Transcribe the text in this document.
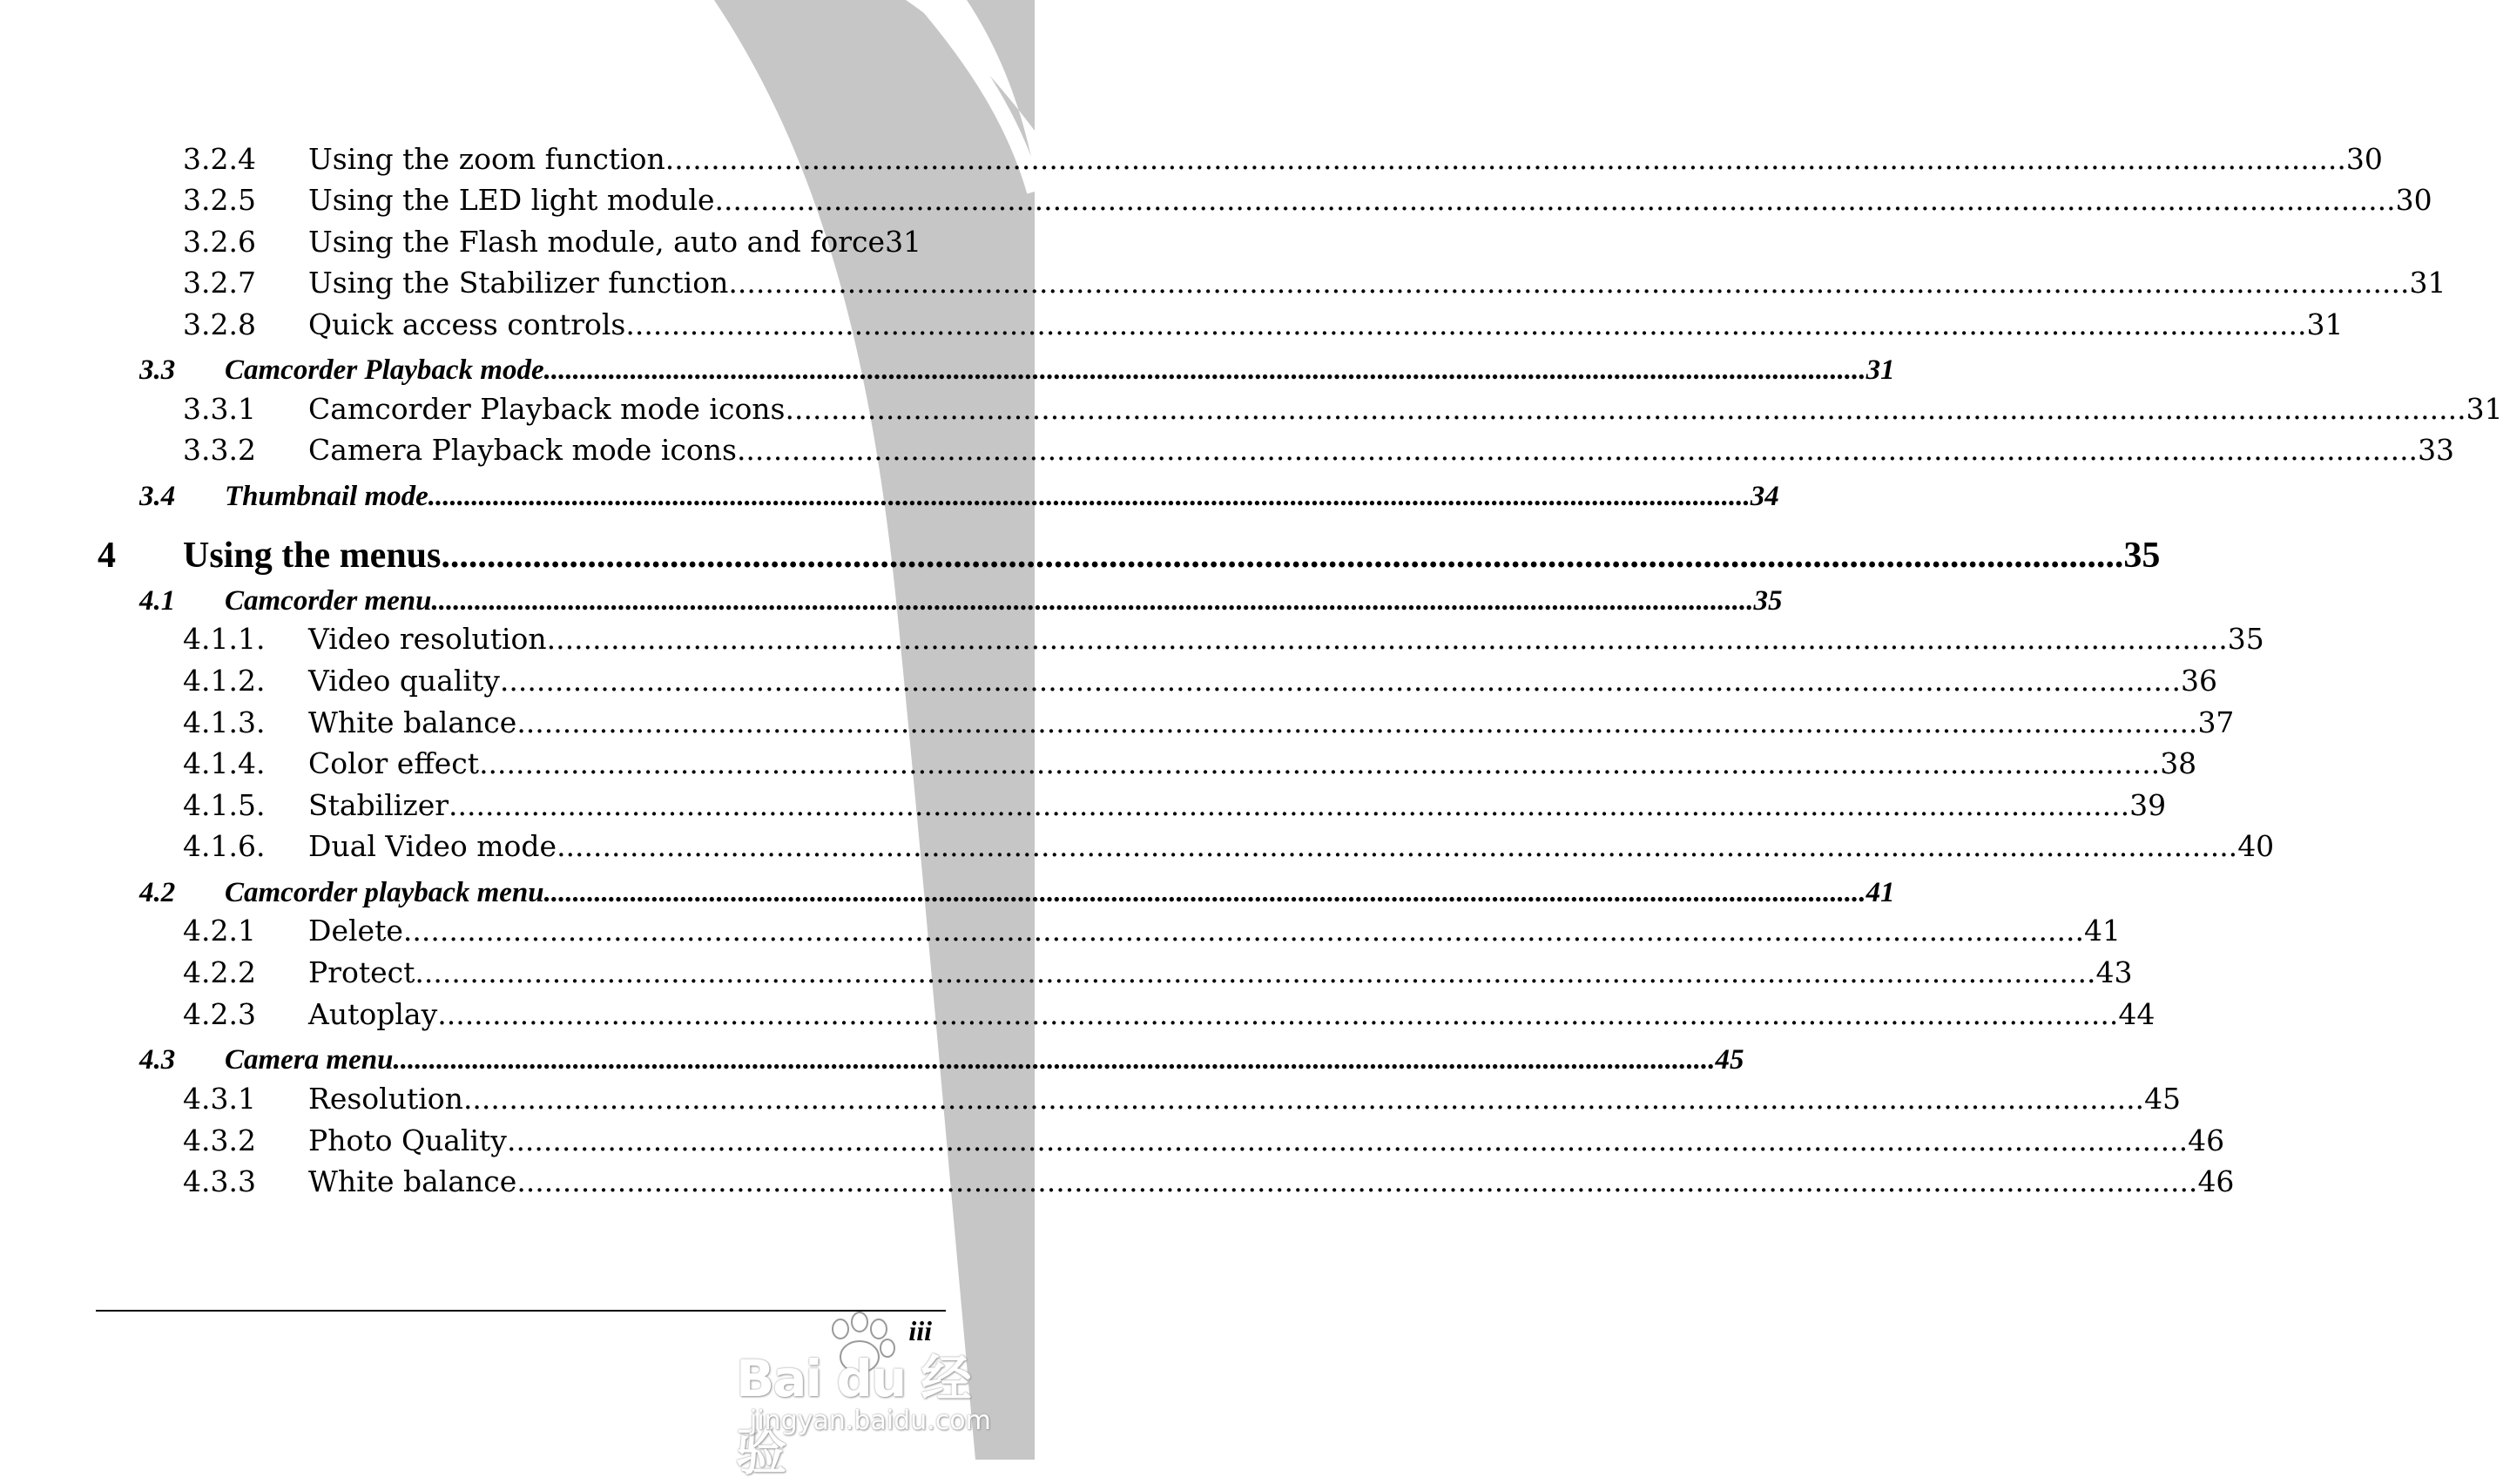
3.2.4 Using the zoom function .....	30
3.2.5 Using the LED light module .....	30
3.2.6 Using the Flash module, auto and force 31
3.2.7 Using the Stabilizer function .....	31
3.2.8 Quick access controls .....	31
3.3 Camcorder Playback mode .....	31
3.3.1 Camcorder Playback mode icons .....	31
3.3.2 Camera Playback mode icons .....	33
3.4 Thumbnail mode .....	34
4 Using the menus .....	35
4.1 Camcorder menu .....	35
4.1.1. Video resolution .....	35
4.1.2. Video quality .....	36
4.1.3. White balance .....	37
4.1.4. Color effect .....	38
4.1.5. Stabilizer .....	39
4.1.6. Dual Video mode .....	40
4.2 Camcorder playback menu .....	41
4.2.1 Delete .....	41
4.2.2 Protect .....	43
4.2.3 Autoplay .....	44
4.3 Camera menu .....	45
4.3.1 Resolution .....	45
4.3.2 Photo Quality .....	46
4.3.3 White balance .....	46
iii
Bai du 经验
jingyan.baidu.com
